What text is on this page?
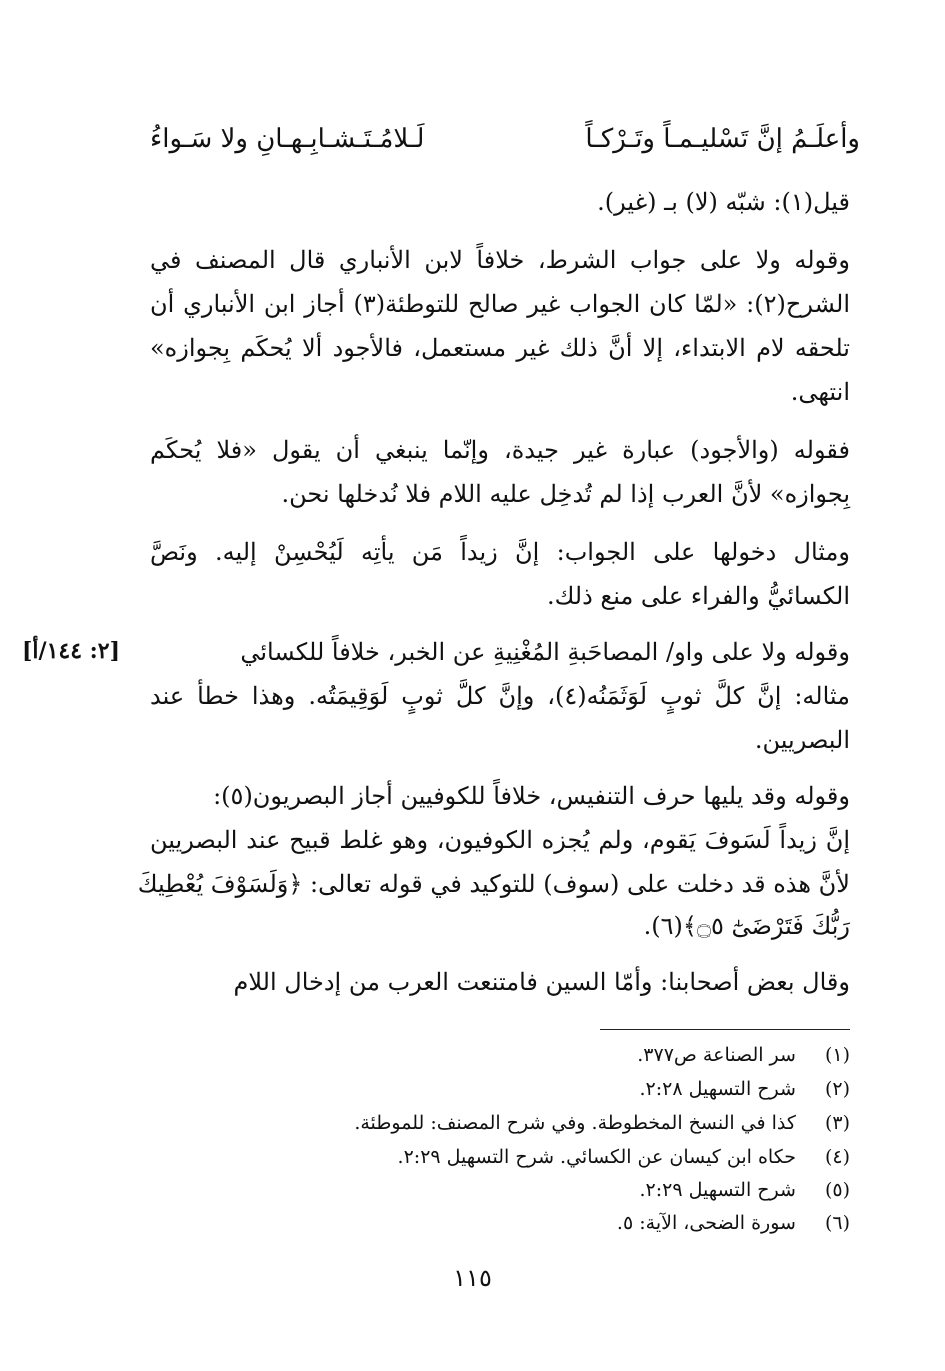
وأعلَـمُ إنَّ تَسْليـمـاً وتَـرْكـاً
لَـلامُـتَـشـابِـهـانِ ولا سَـواءُ
قيل(١): شبّه (لا) بـ (غير).
وقوله ولا على جواب الشرط، خلافاً لابن الأنباري قال المصنف في
الشرح(٢): «لمّا كان الجواب غير صالح للتوطئة(٣) أجاز ابن الأنباري أن
تلحقه لام الابتداء، إلا أنَّ ذلك غير مستعمل، فالأجود ألا يُحكَم بِجوازه»
انتهى.
فقوله (والأجود) عبارة غير جيدة، وإنّما ينبغي أن يقول «فلا يُحكَم
بِجوازه» لأنَّ العرب إذا لم تُدخِل عليه اللام فلا نُدخلها نحن.
ومثال دخولها على الجواب: إنَّ زيداً مَن يأتِه لَيُحْسِنْ إليه. ونَصَّ
الكسائيُّ والفراء على منع ذلك.
وقوله ولا على واو/ المصاحَبةِ المُغْنِيةِ عن الخبر، خلافاً للكسائي
[٢: ١٤٤/أ]
مثاله: إنَّ كلَّ ثوبٍ لَوَثَمَنُه(٤)، وإنَّ كلَّ ثوبٍ لَوَقِيمَتُه. وهذا خطأ عند
البصريين.
وقوله وقد يليها حرف التنفيس، خلافاً للكوفيين أجاز البصريون(٥):
إنَّ زيداً لَسَوفَ يَقوم، ولم يُجزه الكوفيون، وهو غلط قبيح عند البصريين
لأنَّ هذه قد دخلت على (سوف) للتوكيد في قوله تعالى: ﴿وَلَسَوْفَ يُعْطِيكَ
رَبُّكَ فَتَرْضَىٰٓ ۝٥﴾(٦).
وقال بعض أصحابنا: وأمّا السين فامتنعت العرب من إدخال اللام
(١) سر الصناعة ص٣٧٧.
(٢) شرح التسهيل ٢:٢٨.
(٣) كذا في النسخ المخطوطة. وفي شرح المصنف: للموطئة.
(٤) حكاه ابن كيسان عن الكسائي. شرح التسهيل ٢:٢٩.
(٥) شرح التسهيل ٢:٢٩.
(٦) سورة الضحى، الآية: ٥.
١١٥
